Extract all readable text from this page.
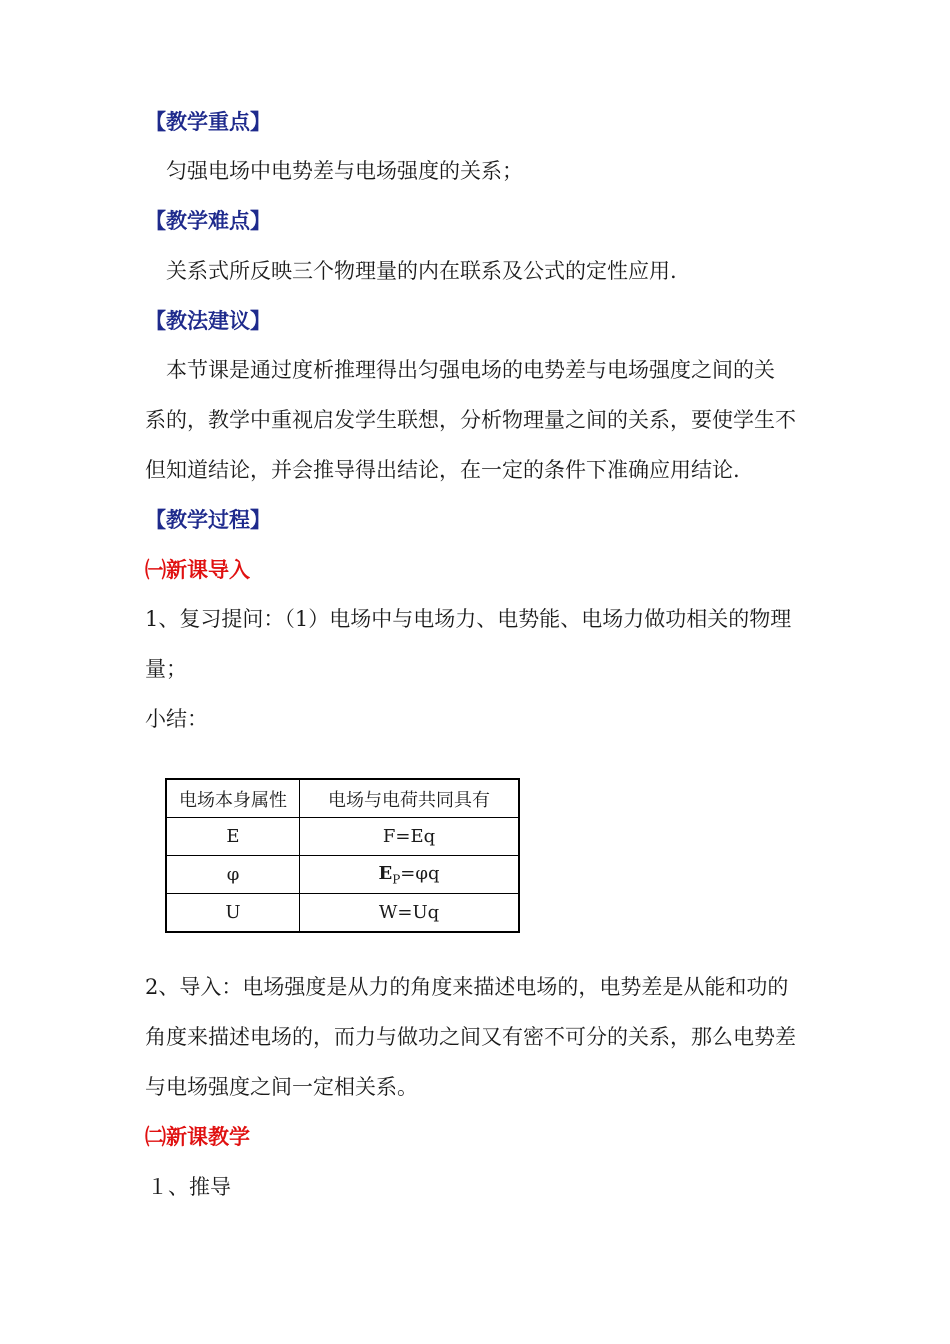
【教学重点】
匀强电场中电势差与电场强度的关系；
【教学难点】
关系式所反映三个物理量的内在联系及公式的定性应用.
【教法建议】
本节课是通过度析推理得出匀强电场的电势差与电场强度之间的关
系的，教学中重视启发学生联想，分析物理量之间的关系，要使学生不
但知道结论，并会推导得出结论，在一定的条件下准确应用结论.
【教学过程】
㈠新课导入
1、复习提问：（1）电场中与电场力、电势能、电场力做功相关的物理
量；
小结：
电场本身属性	电场与电荷共同具有
E	F=Eq
φ	$E_P=\varphi q$
U	W=Uq
2、导入：电场强度是从力的角度来描述电场的，电势差是从能和功的
角度来描述电场的，而力与做功之间又有密不可分的关系，那么电势差
与电场强度之间一定相关系。
㈡新课教学
１、推导
